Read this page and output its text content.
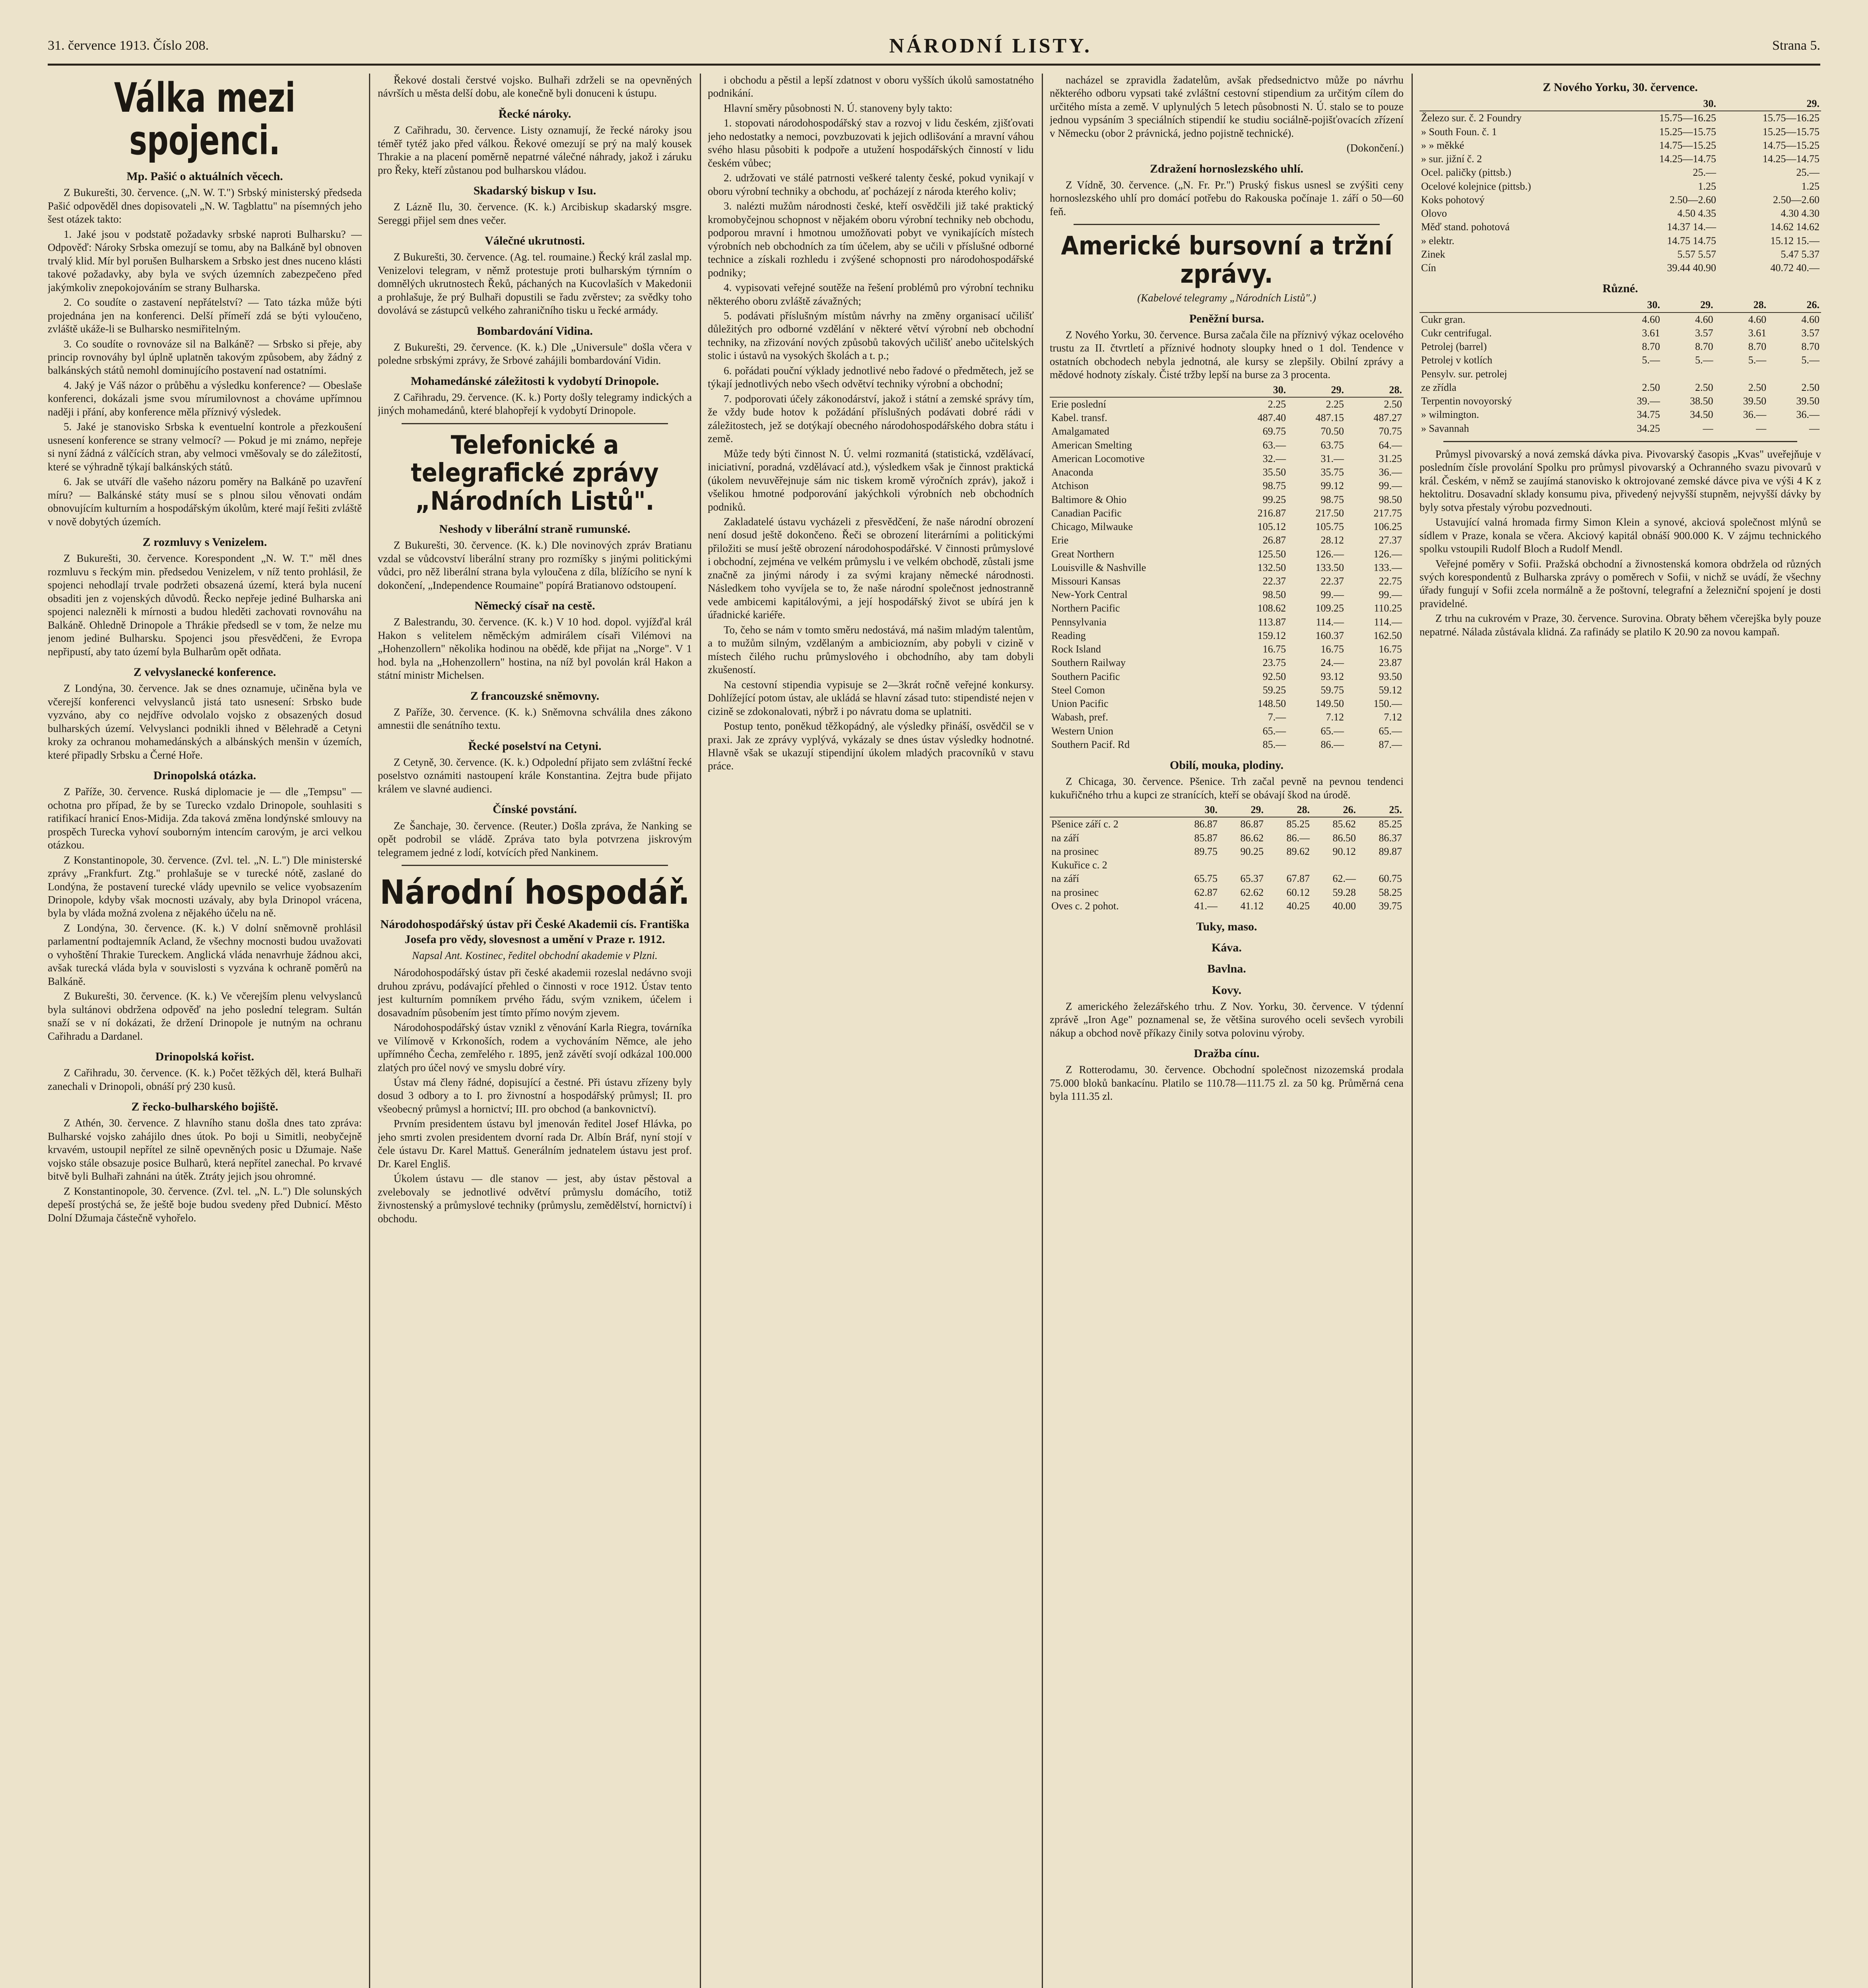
31. července 1913. Číslo 208.	NÁRODNÍ LISTY.	Strana 5.
Válka mezi spojenci.
Mp. Pašić o aktuálních věcech.

Z Bukurešti, 30. července. („N. W. T.") Srbský ministerský předseda Pašić odpověděl dnes dopisovateli „N. W. Tagblattu" na písemných jeho šest otázek takto:

1. Jaké jsou v podstatě požadavky srbské naproti Bulharsku? — Odpověď: Nároky Srbska omezují se tomu, aby na Balkáně byl obnoven trvalý klid. Mír byl porušen Bulharskem a Srbsko jest dnes nuceno klásti takové požadavky, aby byla ve svých územních zabezpečeno před jakýmkoliv znepokojováním se strany Bulharska.

2. Co soudíte o zastavení nepřátelství? — Tato tázka může býti projednána jen na konferenci. Delší přímeří zdá se býti vyloučeno, zvláště ukáže-li se Bulharsko nesmiřitelným.

3. Co soudíte o rovnováze sil na Balkáně? — Srbsko si přeje, aby princip rovnováhy byl úplně uplatněn takovým způsobem, aby žádný z balkánských států nemohl dominujícího postavení nad ostatními.

4. Jaký je Váš názor o průběhu a výsledku konference? — Obeslaše konferenci, dokázali jsme svou mírumilovnost a chováme upřímnou naději i přání, aby konference měla příznivý výsledek.

5. Jaké je stanovisko Srbska k eventuelní kontrole a přezkoušení usnesení konference se strany velmocí? — Pokud je mi známo, nepřeje si nyní žádná z válčících stran, aby velmoci vměšovaly se do záležitostí, které se výhradně týkají balkánských států.

6. Jak se utváří dle vašeho názoru poměry na Balkáně po uzavření míru? — Balkánské státy musí se s plnou silou věnovati ondám obnovujícím kulturním a hospodářským úkolům, které mají řešiti zvláště v nově dobytých územích.

Z rozmluvy s Venizelem.

Z Bukurešti, 30. července. Korespondent „N. W. T." měl dnes rozmluvu s řeckým min. předsedou Venizelem, v níž tento prohlásil, že spojenci nehodlají trvale podržeti obsazená území, která byla nucení obsaditi jen z vojenských důvodů. Řecko nepřeje jediné Bulharska ani spojenci nalezněli k mírnosti a budou hleděti zachovati rovnováhu na Balkáně. Ohledně Drinopole a Thrákie předsedl se v tom, že nelze mu jenom jediné Bulharsku. Spojenci jsou přesvědčeni, že Evropa nepřipustí, aby tato území byla Bulharům opět odňata.

Z velvyslanecké konference.

Z Londýna, 30. července. Jak se dnes oznamuje, učiněna byla ve včerejší konferenci velvyslanců jistá tato usnesení: Srbsko bude vyzváno, aby co nejdříve odvolalo vojsko z obsazených dosud bulharských území. Velvyslanci podnikli ihned v Bělehradě a Cetyni kroky za ochranou mohamedánských a albánských menšin v územích, které připadly Srbsku a Černé Hoře.

Drinopolská otázka.

Z Paříže, 30. července. Ruská diplomacie je — dle „Tempsu" — ochotna pro případ, že by se Turecko vzdalo Drinopole, souhlasiti s ratifikací hranicí Enos-Midija. Zda taková změna londýnské smlouvy na prospěch Turecka vyhoví souborným intencím carovým, je arci velkou otázkou.

Z Konstantinopole, 30. července. (Zvl. tel. „N. L.") Dle ministerské zprávy „Frankfurt. Ztg." prohlašuje se v turecké nótě, zaslané do Londýna, že postavení turecké vlády upevnilo se velice vyobsazením Drinopole, kdyby však mocnosti uzávaly, aby byla Drinopol vrácena, byla by vláda možná zvolena z nějakého účelu na ně.

Z Londýna, 30. července. (K. k.) V dolní sněmovně prohlásil parlamentní podtajemník Acland, že všechny mocnosti budou uvažovati o vyhoštění Thrakie Tureckem. Anglická vláda nenavrhuje žádnou akci, avšak turecká vláda byla v souvislosti s vyzvána k ochraně poměrů na Balkáně.

Z Bukurešti, 30. července. (K. k.) Ve včerejším plenu velvyslanců byla sultánovi obdržena odpověď na jeho poslední telegram. Sultán snaží se v ní dokázati, že držení Drinopole je nutným na ochranu Cařihradu a Dardanel.

Drinopolská kořist.

Z Cařihradu, 30. července. (K. k.) Počet těžkých děl, která Bulhaři zanechali v Drinopoli, obnáší prý 230 kusů.

Z řecko-bulharského bojiště.

Z Athén, 30. července. Z hlavního stanu došla dnes tato zpráva: Bulharské vojsko zahájilo dnes útok. Po boji u Simitli, neobyčejně krvavém, ustoupil nepřítel ze silně opevněných posic u Džumaje. Naše vojsko stále obsazuje posice Bulharů, která nepřítel zanechal. Po krvavé bitvě byli Bulhaři zahnáni na útěk. Ztráty jejich jsou ohromné.

Z Konstantinopole, 30. července. (Zvl. tel. „N. L.") Dle solunských depeší prostýchá se, že ještě boje budou svedeny před Dubnicí. Město Dolní Džumaja částečně vyhořelo.

Řekové dostali čerstvé vojsko. Bulhaři zdrželi se na opevněných návrších u města delší dobu, ale konečně byli donuceni k ústupu.

Řecké nároky.

Z Cařihradu, 30. července. Listy oznamují, že řecké nároky jsou téměř tytéž jako před válkou. Řekové omezují se prý na malý kousek Thrakie a na placení poměrně nepatrné válečné náhrady, jakož i záruku pro Řeky, kteří zůstanou pod bulharskou vládou.

Skadarský biskup v Isu.

Z Lázně Ilu, 30. července. (K. k.) Arcibiskup skadarský msgre. Sereggi přijel sem dnes večer.

Válečné ukrutnosti.

Z Bukurešti, 30. července. (Ag. tel. roumaine.) Řecký král zaslal mp. Venizelovi telegram, v němž protestuje proti bulharským týrnním o domnělých ukrutnostech Řeků, páchaných na Kucovlaších v Makedonii a prohlašuje, že prý Bulhaři dopustili se řadu zvěrstev; za svědky toho dovolává se zástupců velkého zahraničního tisku u řecké armády.

Bombardování Vidina.

Z Bukurešti, 29. července. (K. k.) Dle „Universule" došla včera v poledne srbskými zprávy, že Srbové zahájili bombardování Vidin.

Mohamedánské záležitosti k vydobytí Drinopole.

Z Cařihradu, 29. července. (K. k.) Porty došly telegramy indických a jiných mohamedánů, které blahopřejí k vydobytí Drinopole.

Telefonické a telegrafické zprávy „Národních Listů".
Neshody v liberální straně rumunské.

Z Bukurešti, 30. července. (K. k.) Dle novinových zpráv Bratianu vzdal se vůdcovství liberální strany pro rozmíšky s jinými politickými vůdci, pro něž liberální strana byla vyloučena z díla, blížícího se nyní k dokončení, „Independence Roumaine" popírá Bratianovo odstoupení.

Německý císař na cestě.

Z Balestrandu, 30. července. (K. k.) V 10 hod. dopol. vyjížďal král Hakon s velitelem něměckým admirálem císaři Vilémovi na „Hohenzollern" několika hodinou na obědě, kde přijat na „Norge". V 1 hod. byla na „Hohenzollern" hostina, na níž byl povolán král Hakon a státní ministr Michelsen.

Z francouzské sněmovny.

Z Paříže, 30. července. (K. k.) Sněmovna schválila dnes zákono amnestii dle senátního textu.

Řecké poselství na Cetyni.

Z Cetyně, 30. července. (K. k.) Odpolední přijato sem zvláštní řecké poselstvo oznámiti nastoupení krále Konstantina. Zejtra bude přijato králem ve slavné audienci.

Čínské povstání.

Ze Šanchaje, 30. července. (Reuter.) Došla zpráva, že Nanking se opět podrobil se vládě. Zpráva tato byla potvrzena jiskrovým telegramem jedné z lodí, kotvících před Nankinem.

Národní hospodář.
Národohospodářský ústav při České Akademii cís. Františka Josefa pro vědy, slovesnost a umění v Praze r. 1912.
Napsal Ant. Kostinec, ředitel obchodní akademie v Plzni.

Národohospodářský ústav při české akademii rozeslal nedávno svoji druhou zprávu, podávající přehled o činnosti v roce 1912. Ústav tento jest kulturním pomníkem prvého řádu, svým vznikem, účelem i dosavadním působením jest tímto přímo novým zjevem.

Národohospodářský ústav vznikl z věnování Karla Riegra, továrníka ve Vilímově v Krkonoších, rodem a vychováním Němce, ale jeho upřímného Čecha, zemřelého r. 1895, jenž závětí svojí odkázal 100.000 zlatých pro účel nový ve smyslu dobré víry.

Ústav má členy řádné, dopisující a čestné. Při ústavu zřízeny byly dosud 3 odbory a to I. pro živnostní a hospodářský průmysl; II. pro všeobecný průmysl a hornictví; III. pro obchod (a bankovnictví).

Prvním presidentem ústavu byl jmenován ředitel Josef Hlávka, po jeho smrti zvolen presidentem dvorní rada Dr. Albín Bráf, nyní stojí v čele ústavu Dr. Karel Mattuš. Generálním jednatelem ústavu jest prof. Dr. Karel Engliš.

Úkolem ústavu — dle stanov — jest, aby ústav pěstoval a zvelebovaly se jednotlivé odvětví průmyslu domácího, totiž živnostenský a průmyslové techniky (průmyslu, zemědělství, hornictví) i obchodu.

i obchodu a pěstil a lepší zdatnost v oboru vyšších úkolů samostatného podnikání.

Hlavní směry působnosti N. Ú. stanoveny byly takto:

1. stopovati národohospodářský stav a rozvoj v lidu českém, zjišťovati jeho nedostatky a nemoci, povzbuzovati k jejich odlišování a mravní váhou svého hlasu působiti k podpoře a utužení hospodářských činností v lidu českém vůbec;

2. udržovati ve stálé patrnosti veškeré talenty české, pokud vynikají v oboru výrobní techniky a obchodu, ať pocházejí z národa kterého koliv;

3. nalézti mužům národnosti české, kteří osvědčili již také praktický kromobyčejnou schopnost v nějakém oboru výrobní techniky neb obchodu, podporou mravní i hmotnou umožňovati pobyt ve vynikajících místech výrobních neb obchodních za tím účelem, aby se učili v příslušné odborné technice a získali rozhledu i zvýšené schopnosti pro národohospodářské podniky;

4. vypisovati veřejné soutěže na řešení problémů pro výrobní techniku některého oboru zvláště závažných;

5. podávati příslušným místům návrhy na změny organisací učilišť důležitých pro odborné vzdělání v některé větví výrobní neb obchodní techniky, na zřizování nových způsobů takových učilišť anebo učitelských stolic i ústavů na vysokých školách a t. p.;

6. pořádati pouční výklady jednotlivé nebo řadové o předmětech, jež se týkají jednotlivých nebo všech odvětví techniky výrobní a obchodní;

7. podporovati účely zákonodárství, jakož i státní a zemské správy tím, že vždy bude hotov k požádání příslušných podávati dobré rádi v záležitostech, jež se dotýkají obecného národohospodářského dobra státu i země.

Může tedy býti činnost N. Ú. velmi rozmanitá (statistická, vzdělávací, iniciativní, poradná, vzdělávací atd.), výsledkem však je činnost praktická (úkolem nevuvěřejnuje sám nic tiskem kromě výročních zpráv), jakož i všelikou hmotné podporování jakýchkoli výrobních neb obchodních podniků.

Zakladatelé ústavu vycházeli z přesvědčení, že naše národní obrození není dosud ještě dokončeno. Řeči se obrození literárními a politickými přiložiti se musí ještě obrození národohospodářské. V činnosti průmyslové i obchodní, zejména ve velkém průmyslu i ve velkém obchodě, zůstali jsme značně za jinými národy i za svými krajany německé národnosti. Následkem toho vyvíjela se to, že naše národní společnost jednostranně vede ambicemi kapitálovými, a její hospodářský život se ubírá jen k úřadnické kariéře.

To, čeho se nám v tomto směru nedostává, má našim mladým talentům, a to mužům silným, vzdělaným a ambiciozním, aby pobyli v cizině v místech čilého ruchu průmyslového i obchodního, aby tam dobyli zkušeností.

Na cestovní stipendia vypisuje se 2—3krát ročně veřejné konkursy. Dohlížející potom ústav, ale ukládá se hlavní zásad tuto: stipendisté nejen v cizině se zdokonalovati, nýbrž i po návratu doma se uplatniti.

Postup tento, poněkud těžkopádný, ale výsledky přináší, osvědčil se v praxi. Jak ze zprávy vyplývá, vykázaly se dnes ústav výsledky hodnotné. Hlavně však se ukazují stipendijní úkolem mladých pracovníků v stavu práce.

nacházel se zpravidla žadatelům, avšak předsednictvo může po návrhu některého odboru vypsati také zvláštní cestovní stipendium za určitým cílem do určitého místa a země. V uplynulých 5 letech působnosti N. Ú. stalo se to pouze jednou vypsáním 3 speciálních stipendií ke studiu sociálně-pojišťovacích zřízení v Německu (obor 2 právnická, jedno pojistně technické).

(Dokončení.)
Zdražení hornoslezského uhlí.

Z Vídně, 30. července. („N. Fr. Pr.") Pruský fiskus usnesl se zvýšiti ceny hornoslezského uhlí pro domácí potřebu do Rakouska počínaje 1. září o 50—60 feň.

Americké bursovní a tržní zprávy.
(Kabelové telegramy „Národních Listů".)
Peněžní bursa.

Z Nového Yorku, 30. července. Bursa začala čile na příznivý výkaz ocelového trustu za II. čtvrtletí a příznivé hodnoty sloupky hned o 1 dol. Tendence v ostatních obchodech nebyla jednotná, ale kursy se zlepšily. Obilní zprávy a mědové hodnoty získaly. Čisté tržby lepší na burse za 3 procenta.

	30.	29.	28.
Erie poslední	2.25	2.25	2.50
Kabel. transf.	487.40	487.15	487.27
Amalgamated	69.75	70.50	70.75
American Smelting	63.—	63.75	64.—
American Locomotive	32.—	31.—	31.25
Anaconda	35.50	35.75	36.—
Atchison	98.75	99.12	99.—
Baltimore & Ohio	99.25	98.75	98.50
Canadian Pacific	216.87	217.50	217.75
Chicago, Milwauke	105.12	105.75	106.25
Erie	26.87	28.12	27.37
Great Northern	125.50	126.—	126.—
Louisville & Nashville	132.50	133.50	133.—
Missouri Kansas	22.37	22.37	22.75
New-York Central	98.50	99.—	99.—
Northern Pacific	108.62	109.25	110.25
Pennsylvania	113.87	114.—	114.—
Reading	159.12	160.37	162.50
Rock Island	16.75	16.75	16.75
Southern Railway	23.75	24.—	23.87
Southern Pacific	92.50	93.12	93.50
Steel Comon	59.25	59.75	59.12
Union Pacific	148.50	149.50	150.—
Wabash, pref.	7.—	7.12	7.12
Western Union	65.—	65.—	65.—
Southern Pacif. Rd	85.—	86.—	87.—
Obilí, mouka, plodiny.

Z Chicaga, 30. července. Pšenice. Trh začal pevně na pevnou tendenci kukuřičného trhu a kupci ze stranících, kteří se obávají škod na úrodě.

	30.	29.	28.	26.	25.
Pšenice září c. 2	86.87	86.87	85.25	85.62	85.25
na září	85.87	86.62	86.—	86.50	86.37
na prosinec	89.75	90.25	89.62	90.12	89.87
Kukuřice c. 2					
na září	65.75	65.37	67.87	62.—	60.75
na prosinec	62.87	62.62	60.12	59.28	58.25
Oves c. 2 pohot.	41.—	41.12	40.25	40.00	39.75
Tuky, maso.
Káva.
Bavlna.
Kovy.

Z amerického železářského trhu. Z Nov. Yorku, 30. července. V týdenní zprávě „Iron Age" poznamenal se, že většina surového oceli sevšech vyrobili nákup a obchod nově příkazy činily sotva polovinu výroby.

Dražba cínu.

Z Rotterodamu, 30. července. Obchodní společnost nizozemská prodala 75.000 bloků bankacínu. Platilo se 110.78—111.75 zl. za 50 kg. Průměrná cena byla 111.35 zl.

Z Nového Yorku, 30. července.
	30.	29.
Železo sur. č. 2 Foundry	15.75—16.25	15.75—16.25
» South Foun. č. 1	15.25—15.75	15.25—15.75
» » měkké	14.75—15.25	14.75—15.25
» sur. jižní č. 2	14.25—14.75	14.25—14.75
Ocel. paličky (pittsb.)	25.—	25.—
Ocelové kolejnice (pittsb.)	1.25	1.25
Koks pohotový	2.50—2.60	2.50—2.60
Olovo	4.50 4.35	4.30 4.30
Měď stand. pohotová	14.37 14.—	14.62 14.62
» elektr.	14.75 14.75	15.12 15.—
Zinek	5.57 5.57	5.47 5.37
Cín	39.44 40.90	40.72 40.—
Různé.
	30.	29.	28.	26.
Cukr gran.	4.60	4.60	4.60	4.60
Cukr centrifugal.	3.61	3.57	3.61	3.57
Petrolej (barrel)	8.70	8.70	8.70	8.70
Petrolej v kotlích	5.—	5.—	5.—	5.—
Pensylv. sur. petrolej				
ze zřídla	2.50	2.50	2.50	2.50
Terpentin novoyorský	39.—	38.50	39.50	39.50
» wilmington.	34.75	34.50	36.—	36.—
» Savannah	34.25	—	—	—

Průmysl pivovarský a nová zemská dávka piva. Pivovarský časopis „Kvas" uveřejňuje v posledním čísle provolání Spolku pro průmysl pivovarský a Ochranného svazu pivovarů v král. Českém, v němž se zaujímá stanovisko k oktrojované zemské dávce piva ve výši 4 K z hektolitru. Dosavadní sklady konsumu piva, přivedený nejvyšší stupněm, nejvyšší dávky by byly sotva přestaly výrobu pozvednouti.

Ustavující valná hromada firmy Simon Klein a synové, akciová společnost mlýnů se sídlem v Praze, konala se včera. Akciový kapitál obnáší 900.000 K. V zájmu technického spolku vstoupili Rudolf Bloch a Rudolf Mendl.

Veřejné poměry v Sofii. Pražská obchodní a živnostenská komora obdržela od různých svých korespondentů z Bulharska zprávy o poměrech v Sofii, v nichž se uvádí, že všechny úřady fungují v Sofii zcela normálně a že poštovní, telegrafní a železniční spojení je dosti pravidelné.

Z trhu na cukrovém v Praze, 30. července. Surovina. Obraty během včerejška byly pouze nepatrné. Nálada zůstávala klidná. Za rafinády se platilo K 20.90 za novou kampaň.
